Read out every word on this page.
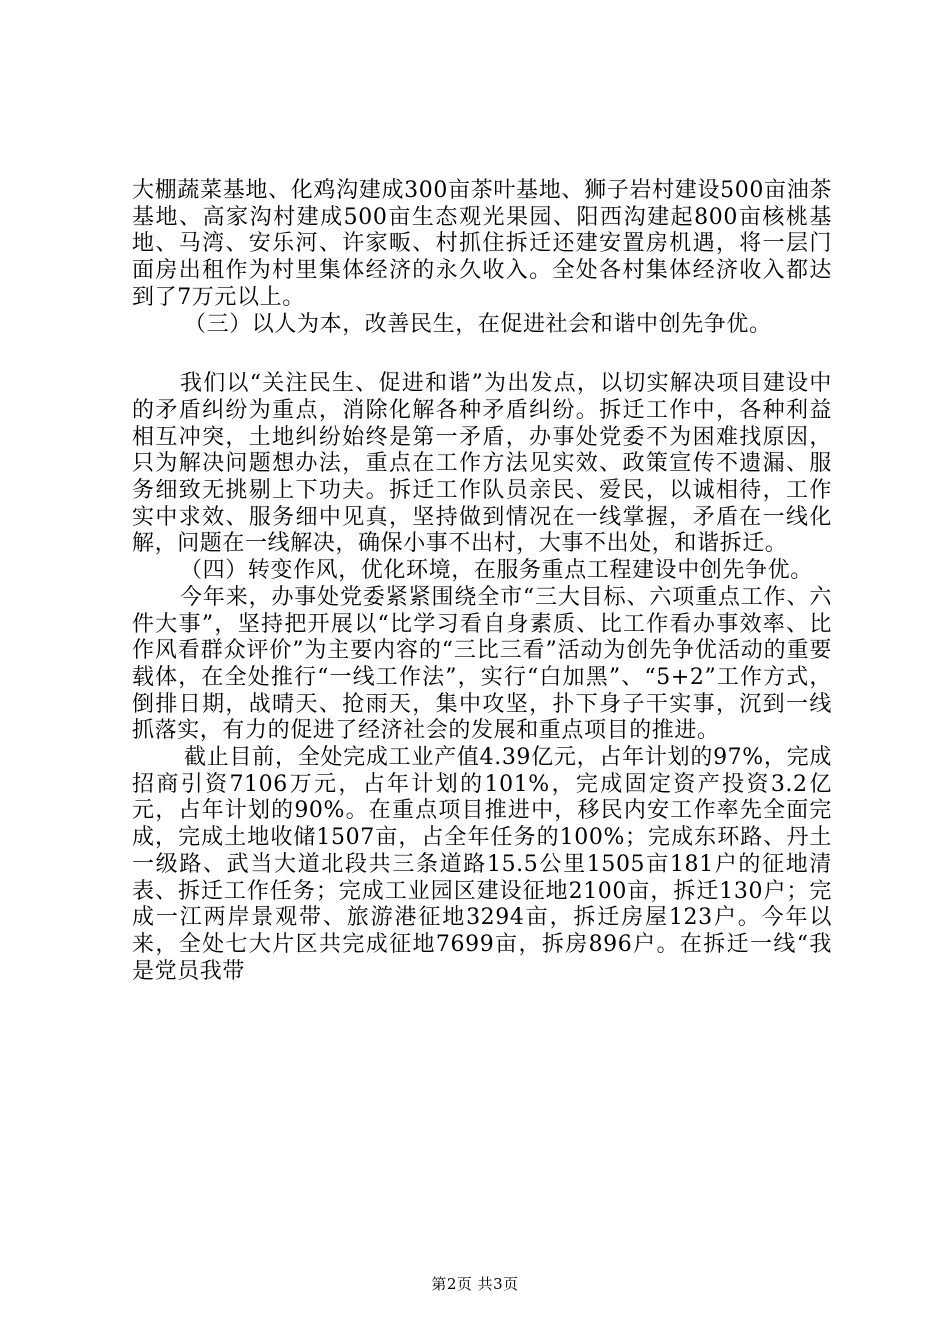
大棚蔬菜基地、化鸡沟建成300亩茶叶基地、狮子岩村建设500亩油茶基地、高家沟村建成500亩生态观光果园、阳西沟建起800亩核桃基地、马湾、安乐河、许家畈、村抓住拆迁还建安置房机遇，将一层门面房出租作为村里集体经济的永久收入。全处各村集体经济收入都达到了7万元以上。

（三）以人为本，改善民生，在促进社会和谐中创先争优。

我们以“关注民生、促进和谐”为出发点，以切实解决项目建设中的矛盾纠纷为重点，消除化解各种矛盾纠纷。拆迁工作中，各种利益相互冲突，土地纠纷始终是第一矛盾，办事处党委不为困难找原因，只为解决问题想办法，重点在工作方法见实效、政策宣传不遗漏、服务细致无挑剔上下功夫。拆迁工作队员亲民、爱民，以诚相待，工作实中求效、服务细中见真，坚持做到情况在一线掌握，矛盾在一线化解，问题在一线解决，确保小事不出村，大事不出处，和谐拆迁。

（四）转变作风，优化环境，在服务重点工程建设中创先争优。

今年来，办事处党委紧紧围绕全市“三大目标、六项重点工作、六件大事”，坚持把开展以“比学习看自身素质、比工作看办事效率、比作风看群众评价”为主要内容的“三比三看”活动为创先争优活动的重要载体，在全处推行“一线工作法”，实行“白加黑”、“5+2”工作方式，倒排日期，战晴天、抢雨天，集中攻坚，扑下身子干实事，沉到一线抓落实，有力的促进了经济社会的发展和重点项目的推进。

截止目前，全处完成工业产值4.39亿元，占年计划的97%，完成招商引资7106万元，占年计划的101%，完成固定资产投资3.2亿元，占年计划的90%。在重点项目推进中，移民内安工作率先全面完成，完成土地收储1507亩，占全年任务的100%；完成东环路、丹土一级路、武当大道北段共三条道路15.5公里1505亩181户的征地清表、拆迁工作任务；完成工业园区建设征地2100亩，拆迁130户；完成一江两岸景观带、旅游港征地3294亩，拆迁房屋123户。今年以来，全处七大片区共完成征地7699亩，拆房896户。在拆迁一线“我是党员我带

第2页 共3页
